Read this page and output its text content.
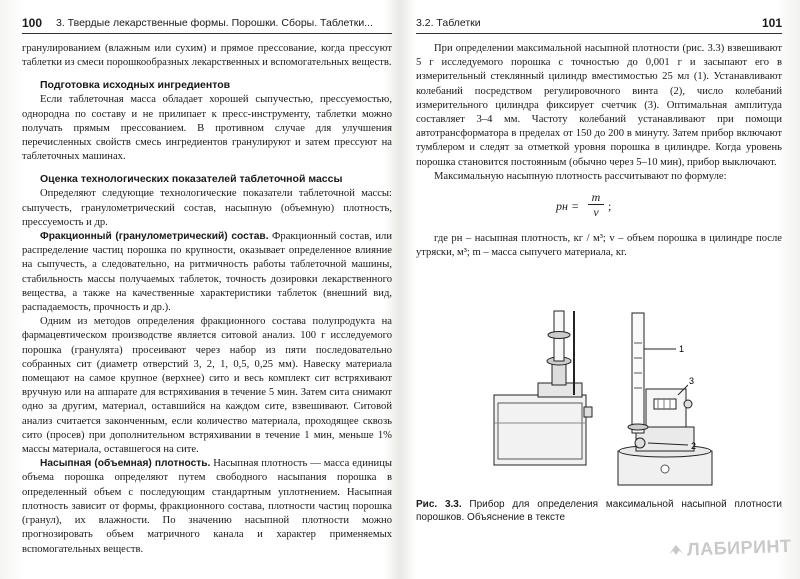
100 3. Твердые лекарственные формы. Порошки. Сборы. Таблетки...

гранулированием (влажным или сухим) и прямое прессование, когда прессуют таблетки из смеси порошкообразных лекарственных и вспомогательных веществ.

Подготовка исходных ингредиентов

Если таблеточная масса обладает хорошей сыпучестью, прессуемостью, однородна по составу и не прилипает к пресс-инструменту, таблетки можно получать прямым прессованием. В противном случае для улучшения перечисленных свойств смесь ингредиентов гранулируют и затем прессуют на таблеточных машинах.

Оценка технологических показателей таблеточной массы

Определяют следующие технологические показатели таблеточной массы: сыпучесть, гранулометрический состав, насыпную (объемную) плотность, прессуемость и др.

Фракционный (гранулометрический) состав. Фракционный состав, или распределение частиц порошка по крупности, оказывает определенное влияние на сыпучесть, а следовательно, на ритмичность работы таблеточной машины, стабильность массы получаемых таблеток, точность дозировки лекарственного вещества, а также на качественные характеристики таблеток (внешний вид, распадаемость, прочность и др.).

Одним из методов определения фракционного состава полупродукта на фармацевтическом производстве является ситовой анализ. 100 г исследуемого порошка (гранулята) просеивают через набор из пяти последовательно собранных сит (диаметр отверстий 3, 2, 1, 0,5, 0,25 мм). Навеску материала помещают на самое крупное (верхнее) сито и весь комплект сит встряхивают вручную или на аппарате для встряхивания в течение 5 мин. Затем сита снимают одно за другим, материал, оставшийся на каждом сите, взвешивают. Ситовой анализ считается законченным, если количество материала, проходящее сквозь сито (просев) при дополнительном встряхивании в течение 1 мин, меньше 1% массы материала, оставшегося на сите.

Насыпная (объемная) плотность. Насыпная плотность — масса единицы объема порошка определяют путем свободного насыпания порошка в определенный объем с последующим стандартным уплотнением. Насыпная плотность зависит от формы, фракционного состава, плотности частиц порошка (гранул), их влажности. По значению насыпной плотности можно прогнозировать объем матричного канала и характер применяемых вспомогательных веществ.

3.2. Таблетки	101

При определении максимальной насыпной плотности (рис. 3.3) взвешивают 5 г исследуемого порошка с точностью до 0,001 г и засыпают его в измерительный стеклянный цилиндр вместимостью 25 мл (1). Устанавливают колебаний посредством регулировочного винта (2), число колебаний измерительного цилиндра фиксирует счетчик (3). Оптимальная амплитуда составляет 3–4 мм. Частоту колебаний устанавливают при помощи автотрансформатора в пределах от 150 до 200 в минуту. Затем прибор включают тумблером и следят за отметкой уровня порошка в цилиндре. Когда уровень порошка становится постоянным (обычно через 5–10 мин), прибор выключают.

Максимальную насыпную плотность рассчитывают по формуле:

pн = $\frac{m}{v}$ ;

где pн – насыпная плотность, кг / м³; v – объем порошка в цилиндре после утряски, м³; m – масса сыпучего материала, кг.

1
3
2
Рис. 3.3. Прибор для определения максимальной насыпной плотности порошков. Объяснение в тексте
ЛАБИРИНТ
